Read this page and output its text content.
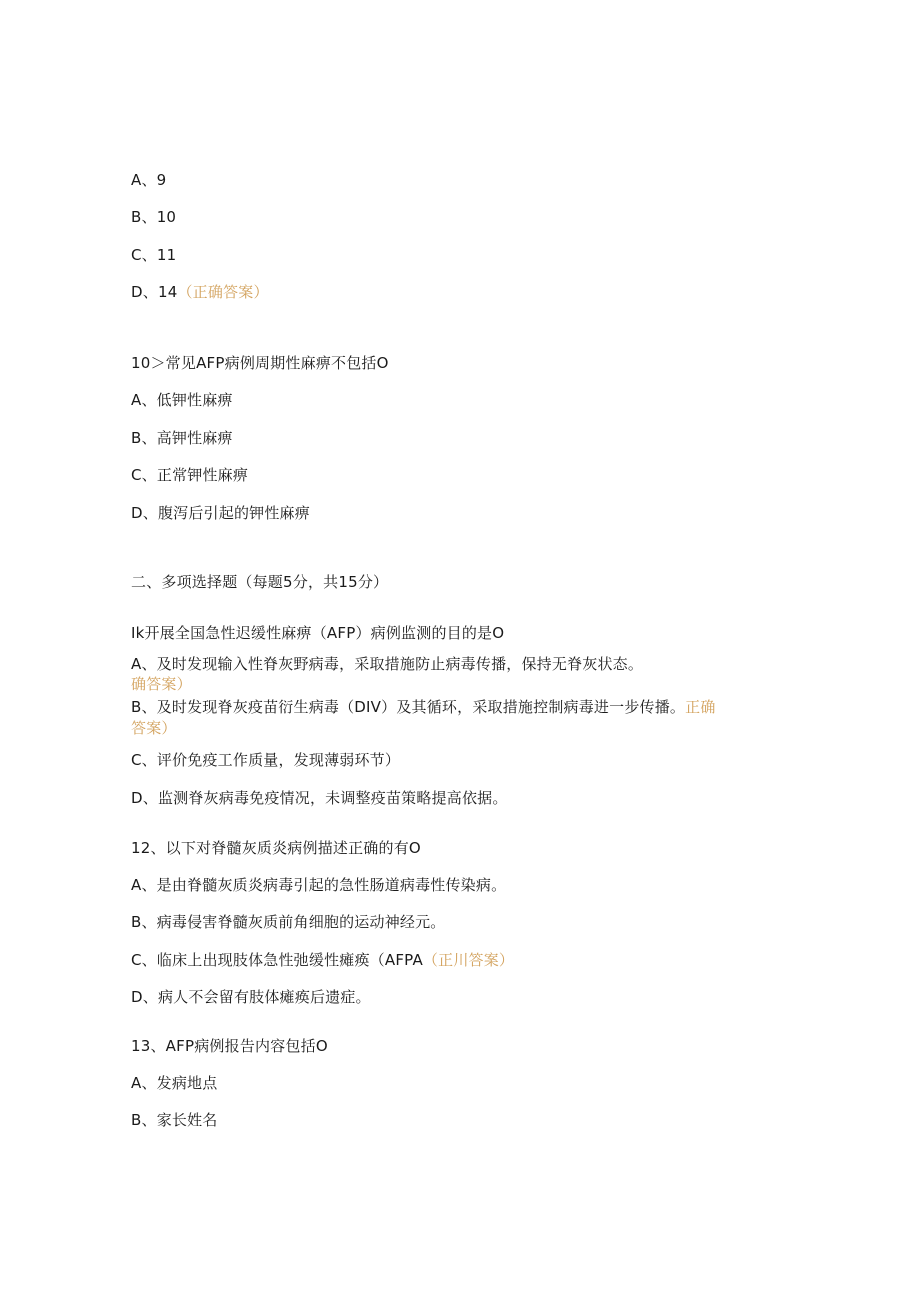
A、9
B、10
C、11
D、14（正确答案）
10＞常见AFP病例周期性麻痹不包括O
A、低钾性麻痹
B、高钾性麻痹
C、正常钾性麻痹
D、腹泻后引起的钾性麻痹
二、多项选择题（每题5分，共15分）
Ik开展全国急性迟缓性麻痹（AFP）病例监测的目的是O
A、及时发现输入性脊灰野病毒，采取措施防止病毒传播，保持无脊灰状态。
确答案）
B、及时发现脊灰疫苗衍生病毒（DIV）及其循环，采取措施控制病毒进一步传播。正确
答案）
C、评价免疫工作质量，发现薄弱环节）
D、监测脊灰病毒免疫情况，未调整疫苗策略提高依据。
12、以下对脊髓灰质炎病例描述正确的有O
A、是由脊髓灰质炎病毒引起的急性肠道病毒性传染病。
B、病毒侵害脊髓灰质前角细胞的运动神经元。
C、临床上出现肢体急性弛缓性瘫痪（AFPA（正川答案）
D、病人不会留有肢体瘫痪后遗症。
13、AFP病例报告内容包括O
A、发病地点
B、家长姓名
